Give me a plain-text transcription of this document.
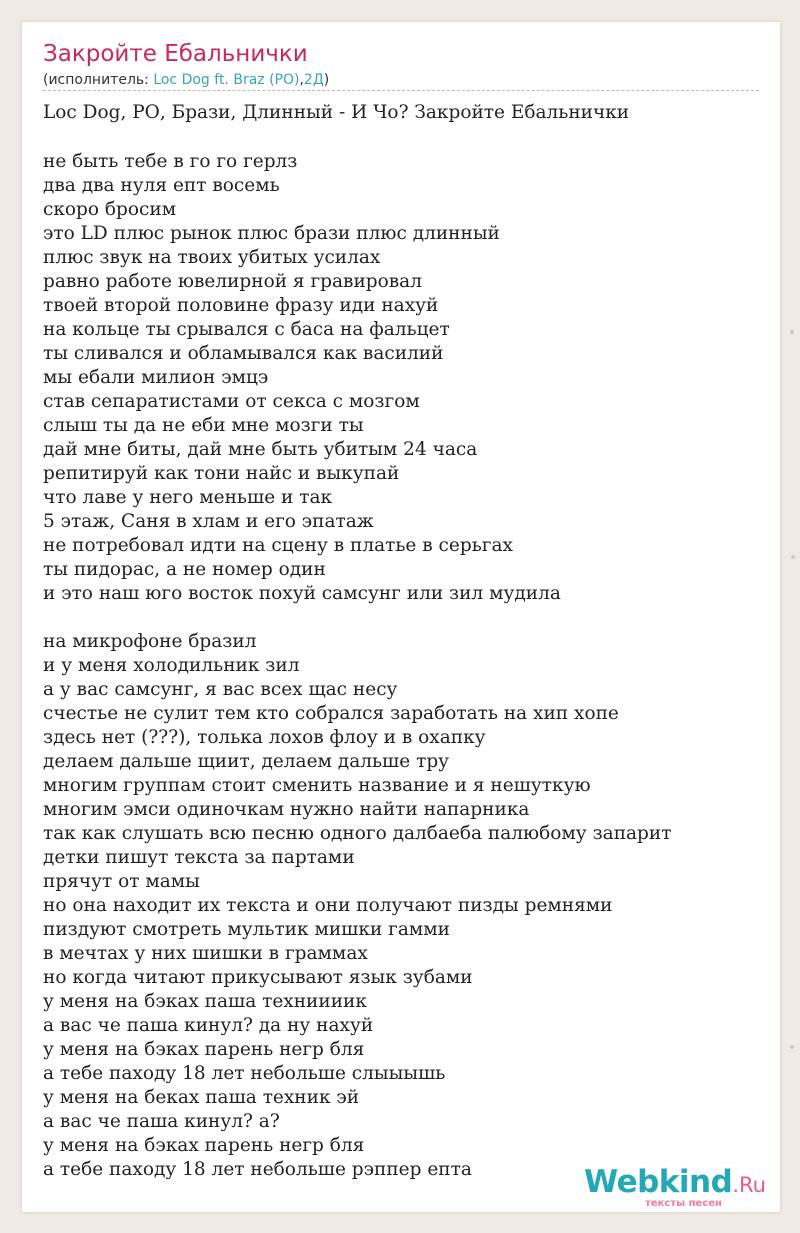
Закройте Ебальнички
(исполнитель: Loc Dog ft. Braz (РО),2Д)
Loc Dog, РО, Брази, Длинный - И Чо? Закройте Ебальнички
не быть тебе в го го герлз
два два нуля епт восемь
скоро бросим
это LD плюс рынок плюс брази плюс длинный
плюс звук на твоих убитых усилах
равно работе ювелирной я гравировал
твоей второй половине фразу иди нахуй
на кольце ты срывался с баса на фальцет
ты сливался и обламывался как василий
мы ебали милион эмцэ
став сепаратистами от секса с мозгом
слыш ты да не еби мне мозги ты
дай мне биты, дай мне быть убитым 24 часа
репитируй как тони найс и выкупай
что лаве у него меньше и так
5 этаж, Саня в хлам и его эпатаж
не потребовал идти на сцену в платье в серьгах
ты пидорас, а не номер один
и это наш юго восток похуй самсунг или зил мудила
на микрофоне бразил
и у меня холодильник зил
а у вас самсунг, я вас всех щас несу
счестье не сулит тем кто собрался заработать на хип хопе
здесь нет (???), толька лохов флоу и в охапку
делаем дальше щиит, делаем дальше тру
многим группам стоит сменить название и я нешуткую
многим эмси одиночкам нужно найти напарника
так как слушать всю песню одного далбаеба палюбому запарит
детки пишут текста за партами
прячут от мамы
но она находит их текста и они получают пизды ремнями
пиздуют смотреть мультик мишки гамми
в мечтах у них шишки в граммах
но когда читают прикусывают язык зубами
у меня на бэках паша техниииик
а вас че паша кинул? да ну нахуй
у меня на бэках парень негр бля
а тебе паходу 18 лет небольше слыыышь
у меня на беках паша техник эй
а вас че паша кинул? а?
у меня на бэках парень негр бля
а тебе паходу 18 лет небольше рэппер епта	Webkind.Ru
тексты песен
